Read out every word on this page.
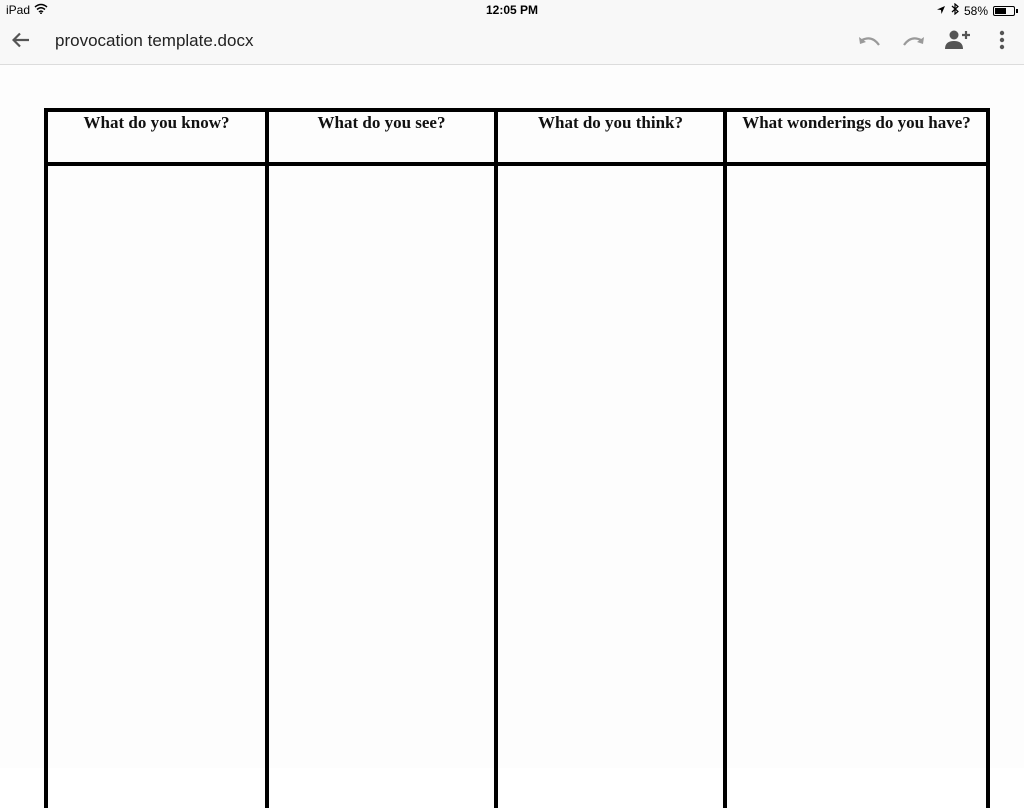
iPad	12:05 PM	58%
provocation template.docx
What do you know?	What do you see?	What do you think?	What wonderings do you have?
